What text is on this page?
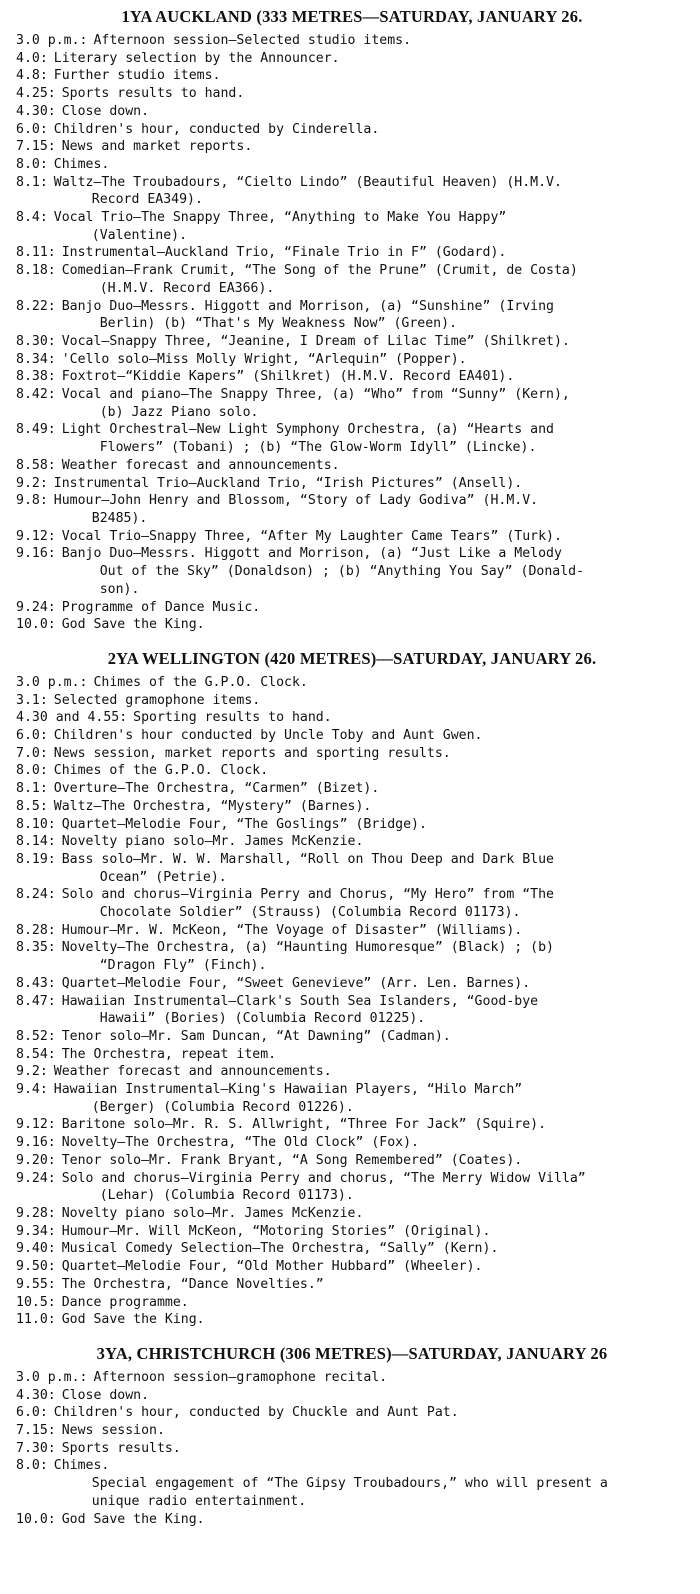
1YA AUCKLAND (333 METRES—SATURDAY, JANUARY 26.
3.0 p.m.: Afternoon session—Selected studio items.
4.0: Literary selection by the Announcer.
4.8: Further studio items.
4.25: Sports results to hand.
4.30: Close down.
6.0: Children's hour, conducted by Cinderella.
7.15: News and market reports.
8.0: Chimes.
8.1: Waltz—The Troubadours, “Cielto Lindo” (Beautiful Heaven) (H.M.V.
Record EA349).
8.4: Vocal Trio—The Snappy Three, “Anything to Make You Happy”
(Valentine).
8.11: Instrumental—Auckland Trio, “Finale Trio in F” (Godard).
8.18: Comedian—Frank Crumit, “The Song of the Prune” (Crumit, de Costa)
(H.M.V. Record EA366).
8.22: Banjo Duo—Messrs. Higgott and Morrison, (a) “Sunshine” (Irving
Berlin) (b) “That's My Weakness Now” (Green).
8.30: Vocal—Snappy Three, “Jeanine, I Dream of Lilac Time” (Shilkret).
8.34: 'Cello solo—Miss Molly Wright, “Arlequin” (Popper).
8.38: Foxtrot—“Kiddie Kapers” (Shilkret) (H.M.V. Record EA401).
8.42: Vocal and piano—The Snappy Three, (a) “Who” from “Sunny” (Kern),
(b) Jazz Piano solo.
8.49: Light Orchestral—New Light Symphony Orchestra, (a) “Hearts and
Flowers” (Tobani) ; (b) “The Glow-Worm Idyll” (Lincke).
8.58: Weather forecast and announcements.
9.2: Instrumental Trio—Auckland Trio, “Irish Pictures” (Ansell).
9.8: Humour—John Henry and Blossom, “Story of Lady Godiva” (H.M.V.
B2485).
9.12: Vocal Trio—Snappy Three, “After My Laughter Came Tears” (Turk).
9.16: Banjo Duo—Messrs. Higgott and Morrison, (a) “Just Like a Melody
Out of the Sky” (Donaldson) ; (b) “Anything You Say” (Donald-
son).
9.24: Programme of Dance Music.
10.0: God Save the King.
2YA WELLINGTON (420 METRES)—SATURDAY, JANUARY 26.
3.0 p.m.: Chimes of the G.P.O. Clock.
3.1: Selected gramophone items.
4.30 and 4.55: Sporting results to hand.
6.0: Children's hour conducted by Uncle Toby and Aunt Gwen.
7.0: News session, market reports and sporting results.
8.0: Chimes of the G.P.O. Clock.
8.1: Overture—The Orchestra, “Carmen” (Bizet).
8.5: Waltz—The Orchestra, “Mystery” (Barnes).
8.10: Quartet—Melodie Four, “The Goslings” (Bridge).
8.14: Novelty piano solo—Mr. James McKenzie.
8.19: Bass solo—Mr. W. W. Marshall, “Roll on Thou Deep and Dark Blue
Ocean” (Petrie).
8.24: Solo and chorus—Virginia Perry and Chorus, “My Hero” from “The
Chocolate Soldier” (Strauss) (Columbia Record 01173).
8.28: Humour—Mr. W. McKeon, “The Voyage of Disaster” (Williams).
8.35: Novelty—The Orchestra, (a) “Haunting Humoresque” (Black) ; (b)
“Dragon Fly” (Finch).
8.43: Quartet—Melodie Four, “Sweet Genevieve” (Arr. Len. Barnes).
8.47: Hawaiian Instrumental—Clark's South Sea Islanders, “Good-bye
Hawaii” (Bories) (Columbia Record 01225).
8.52: Tenor solo—Mr. Sam Duncan, “At Dawning” (Cadman).
8.54: The Orchestra, repeat item.
9.2: Weather forecast and announcements.
9.4: Hawaiian Instrumental—King's Hawaiian Players, “Hilo March”
(Berger) (Columbia Record 01226).
9.12: Baritone solo—Mr. R. S. Allwright, “Three For Jack” (Squire).
9.16: Novelty—The Orchestra, “The Old Clock” (Fox).
9.20: Tenor solo—Mr. Frank Bryant, “A Song Remembered” (Coates).
9.24: Solo and chorus—Virginia Perry and chorus, “The Merry Widow Villa”
(Lehar) (Columbia Record 01173).
9.28: Novelty piano solo—Mr. James McKenzie.
9.34: Humour—Mr. Will McKeon, “Motoring Stories” (Original).
9.40: Musical Comedy Selection—The Orchestra, “Sally” (Kern).
9.50: Quartet—Melodie Four, “Old Mother Hubbard” (Wheeler).
9.55: The Orchestra, “Dance Novelties.”
10.5: Dance programme.
11.0: God Save the King.
3YA, CHRISTCHURCH (306 METRES)—SATURDAY, JANUARY 26
3.0 p.m.: Afternoon session—gramophone recital.
4.30: Close down.
6.0: Children's hour, conducted by Chuckle and Aunt Pat.
7.15: News session.
7.30: Sports results.
8.0: Chimes.
Special engagement of “The Gipsy Troubadours,” who will present a
unique radio entertainment.
10.0: God Save the King.
